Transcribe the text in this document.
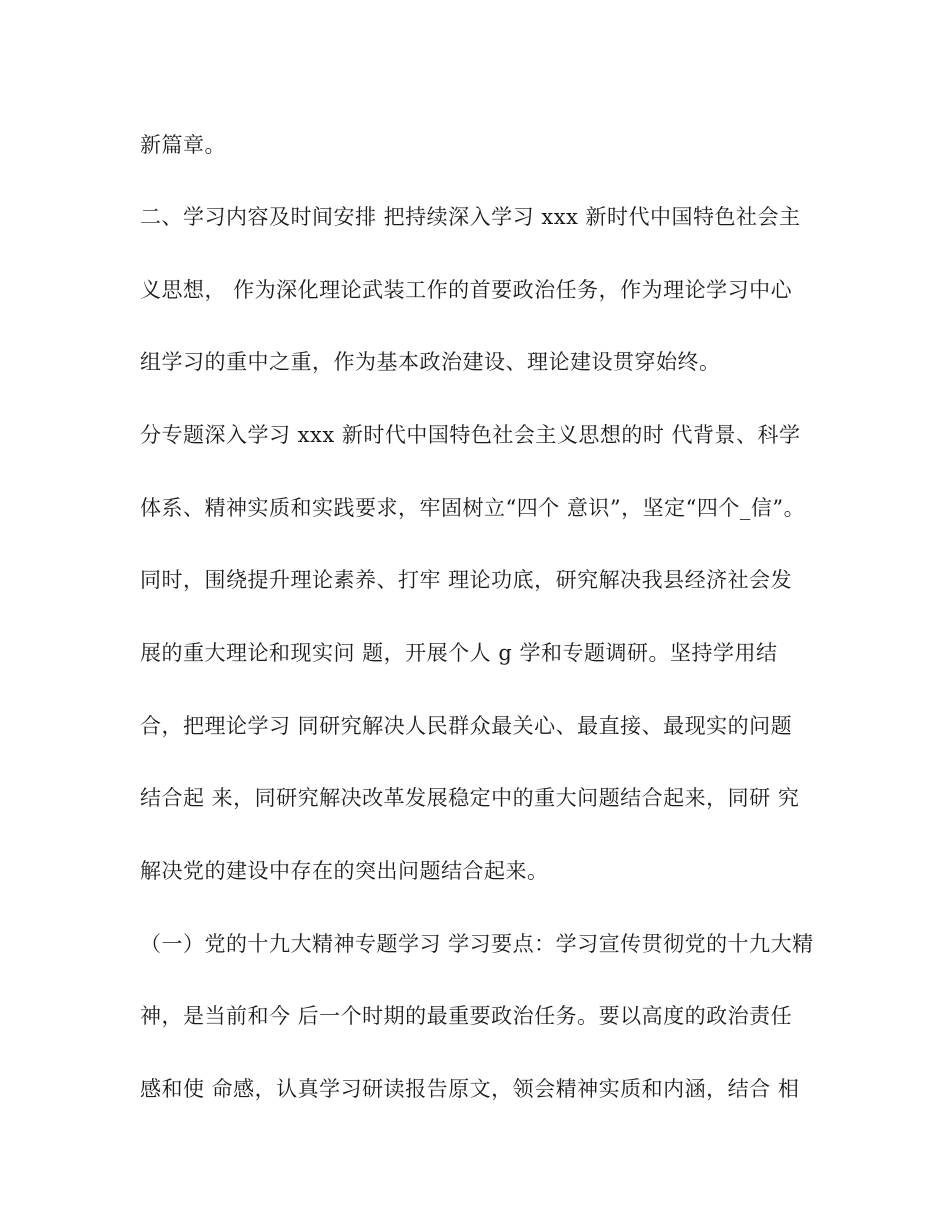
新篇章。
二、学习内容及时间安排 把持续深入学习 xxx 新时代中国特色社会主
义思想， 作为深化理论武装工作的首要政治任务，作为理论学习中心
组学习的重中之重，作为基本政治建设、理论建设贯穿始终。
分专题深入学习 xxx 新时代中国特色社会主义思想的时 代背景、科学
体系、精神实质和实践要求，牢固树立“四个 意识”，坚定“四个_信”。
同时，围绕提升理论素养、打牢 理论功底，研究解决我县经济社会发
展的重大理论和现实问 题，开展个人 g 学和专题调研。坚持学用结
合，把理论学习 同研究解决人民群众最关心、最直接、最现实的问题
结合起 来，同研究解决改革发展稳定中的重大问题结合起来，同研 究
解决党的建设中存在的突出问题结合起来。
（一）党的十九大精神专题学习 学习要点：学习宣传贯彻党的十九大精
神，是当前和今 后一个时期的最重要政治任务。要以高度的政治责任
感和使 命感，认真学习研读报告原文，领会精神实质和内涵，结合 相
